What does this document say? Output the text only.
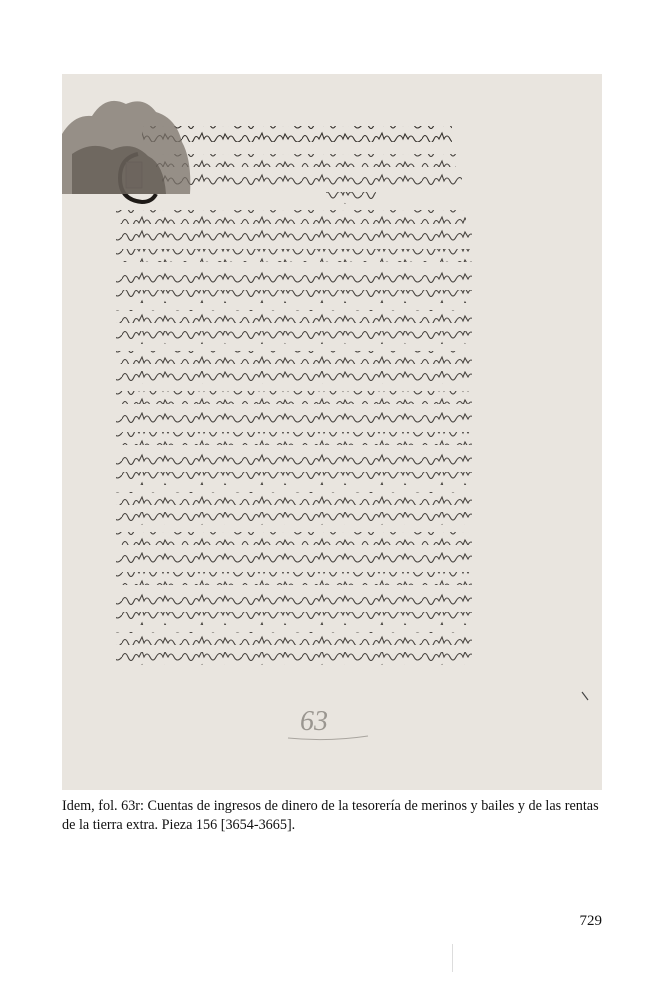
63
Idem, fol. 63r: Cuentas de ingresos de dinero de la tesorería de merinos y bailes y de las rentas de la tierra extra. Pieza 156 [3654-3665].
729
